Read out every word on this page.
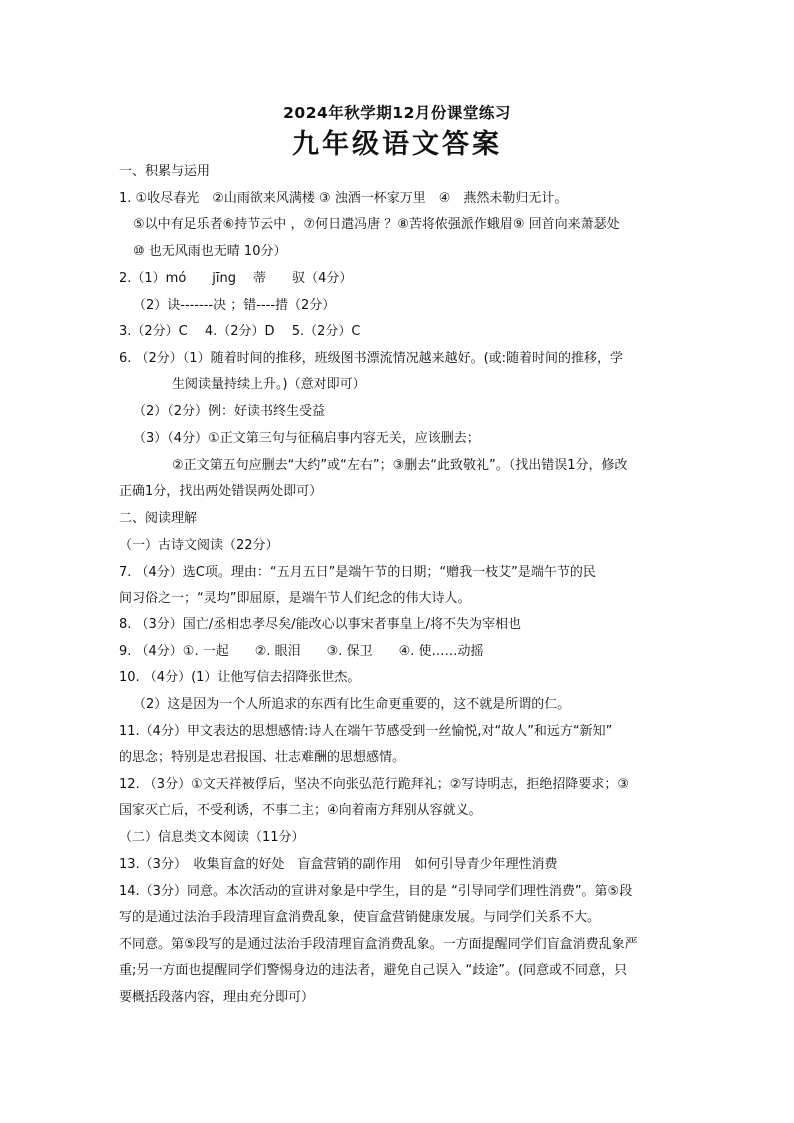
2024年秋学期12月份课堂练习
九年级语文答案
一、积累与运用
1. ①收尽春光　②山雨欲来风满楼 ③ 浊酒一杯家万里　④　燕然未勒归无计。
⑤以中有足乐者⑥持节云中 ，⑦何日遣冯唐 ？⑧苦将侬强派作蛾眉⑨ 回首向来萧瑟处
⑩ 也无风雨也无晴 10分）
2.（1）mó　　jīng　 蒂　　驭（4分）
（2）诀-------决 ；错----措（2分）
3.（2分）C　 4.（2分）D　 5.（2分）C
6. （2分）（1）随着时间的推移，班级图书漂流情况越来越好。(或:随着时间的推移，学
生阅读量持续上升。)（意对即可）
（2）（2分）例：好读书终生受益
（3）（4分）①正文第三句与征稿启事内容无关，应该删去；
②正文第五句应删去“大约”或“左右”；③删去“此致敬礼”。（找出错误1分，修改
正确1分，找出两处错误两处即可）
二、阅读理解
（一）古诗文阅读（22分）
7. （4分）选C项。理由：“五月五日”是端午节的日期；“赠我一枝艾”是端午节的民
间习俗之一；“灵均”即屈原，是端午节人们纪念的伟大诗人。
8. （3分）国亡/丞相忠孝尽矣/能改心以事宋者事皇上/将不失为宰相也
9. （4分）①. 一起　　②. 眼泪　　③. 保卫　　④. 使……动摇
10. （4分）(1）让他写信去招降张世杰。
（2）这是因为一个人所追求的东西有比生命更重要的，这不就是所谓的仁。
11.（4分）甲文表达的思想感情:诗人在端午节感受到一丝愉悦,对“故人”和远方“新知”
的思念；特别是忠君报国、壮志难酬的思想感情。
12. （3分）①文天祥被俘后，坚决不向张弘范行跪拜礼；②写诗明志，拒绝招降要求；③
国家灭亡后，不受利诱，不事二主；④向着南方拜别从容就义。
（二）信息类文本阅读（11分）
13.（3分）　收集盲盒的好处　盲盒营销的副作用　如何引导青少年理性消费
14.（3分）同意。本次活动的宣讲对象是中学生，目的是 “引导同学们理性消费”。第⑤段
写的是通过法治手段清理盲盒消费乱象，使盲盒营销健康发展。与同学们关系不大。
不同意。第⑤段写的是通过法治手段清理盲盒消费乱象。一方面提醒同学们盲盒消费乱象严
重;另一方面也提醒同学们警惕身边的违法者，避免自己误入 “歧途”。(同意或不同意，只
要概括段落内容，理由充分即可）
